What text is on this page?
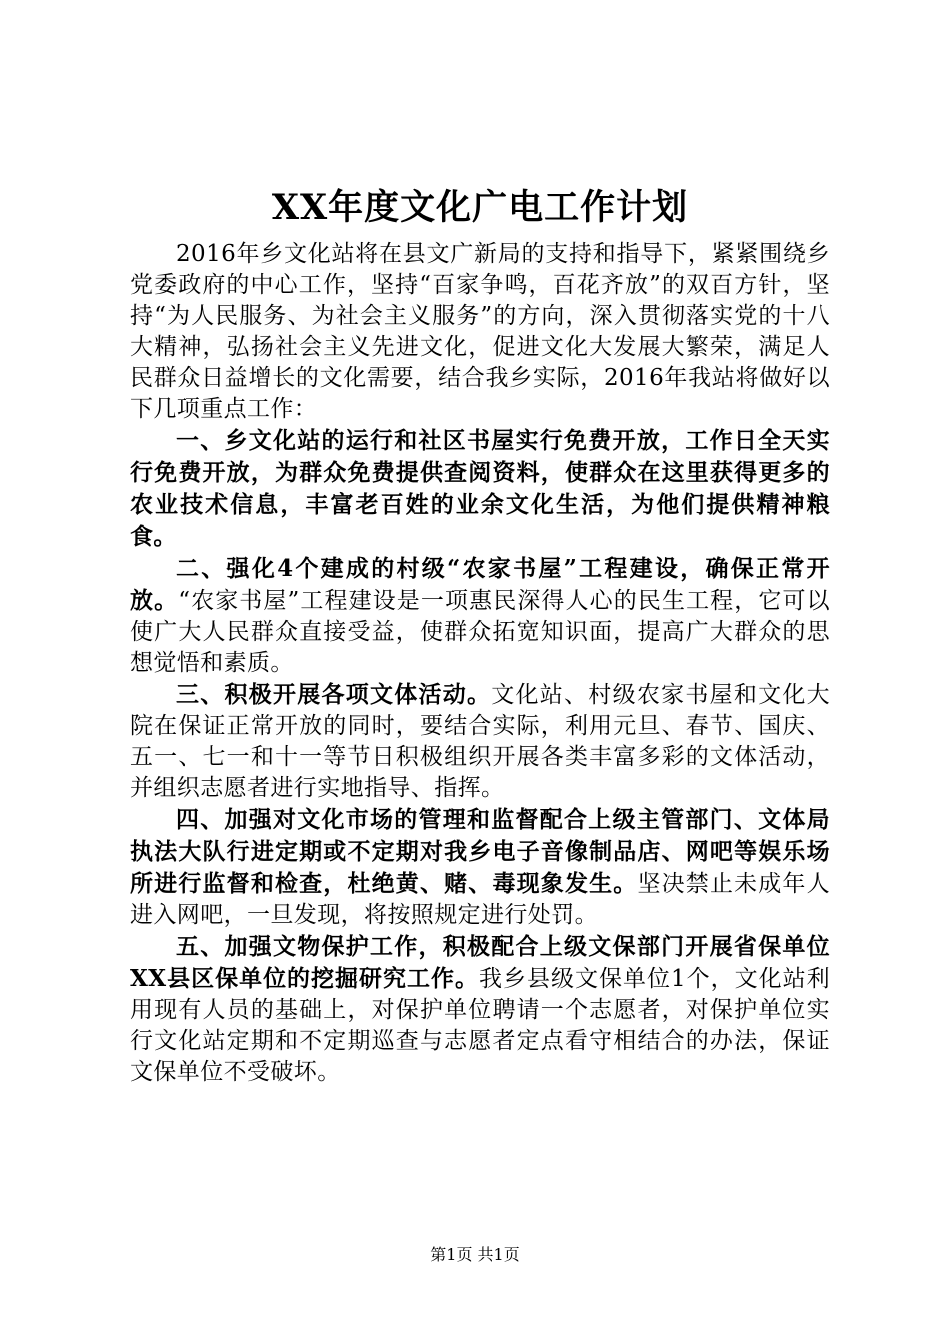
XX年度文化广电工作计划

2016年乡文化站将在县文广新局的支持和指导下，紧紧围绕乡党委政府的中心工作，坚持“百家争鸣，百花齐放”的双百方针，坚持“为人民服务、为社会主义服务”的方向，深入贯彻落实党的十八大精神，弘扬社会主义先进文化，促进文化大发展大繁荣，满足人民群众日益增长的文化需要，结合我乡实际，2016年我站将做好以下几项重点工作：

一、乡文化站的运行和社区书屋实行免费开放，工作日全天实行免费开放，为群众免费提供查阅资料，使群众在这里获得更多的农业技术信息，丰富老百姓的业余文化生活，为他们提供精神粮食。

二、强化4个建成的村级“农家书屋”工程建设，确保正常开放。“农家书屋”工程建设是一项惠民深得人心的民生工程，它可以使广大人民群众直接受益，使群众拓宽知识面，提高广大群众的思想觉悟和素质。

三、积极开展各项文体活动。文化站、村级农家书屋和文化大院在保证正常开放的同时，要结合实际，利用元旦、春节、国庆、五一、七一和十一等节日积极组织开展各类丰富多彩的文体活动，并组织志愿者进行实地指导、指挥。

四、加强对文化市场的管理和监督配合上级主管部门、文体局执法大队行进定期或不定期对我乡电子音像制品店、网吧等娱乐场所进行监督和检查，杜绝黄、赌、毒现象发生。坚决禁止未成年人进入网吧，一旦发现，将按照规定进行处罚。

五、加强文物保护工作，积极配合上级文保部门开展省保单位XX县区保单位的挖掘研究工作。我乡县级文保单位1个，文化站利用现有人员的基础上，对保护单位聘请一个志愿者，对保护单位实行文化站定期和不定期巡查与志愿者定点看守相结合的办法，保证文保单位不受破坏。

第1页 共1页
